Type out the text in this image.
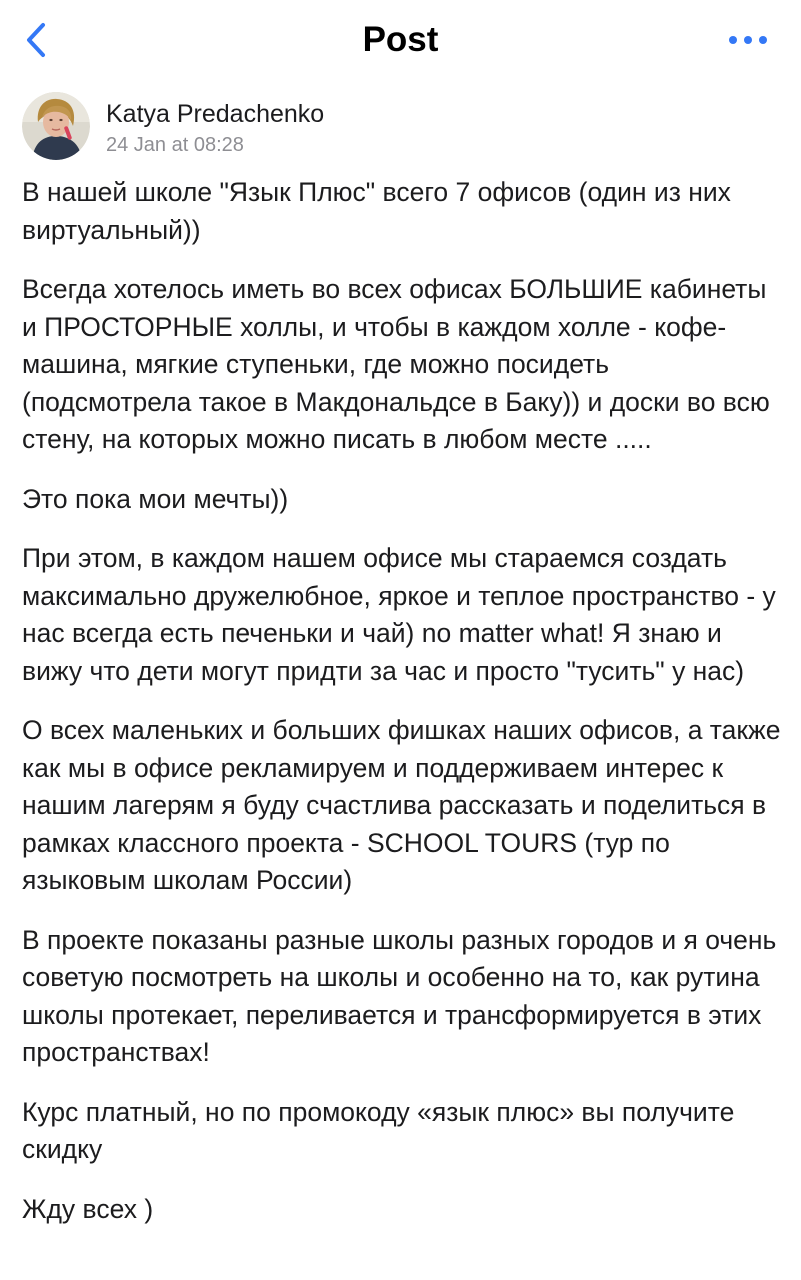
Post
Katya Predachenko
24 Jan at 08:28

В нашей школе "Язык Плюс" всего 7 офисов (один из них виртуальный))

Всегда хотелось иметь во всех офисах БОЛЬШИЕ кабинеты и ПРОСТОРНЫЕ холлы, и чтобы в каждом холле - кофе-машина, мягкие ступеньки, где можно посидеть (подсмотрела такое в Макдональдсе в Баку)) и доски во всю стену, на которых можно писать в любом месте .....

Это пока мои мечты))

При этом, в каждом нашем офисе мы стараемся создать максимально дружелюбное, яркое и теплое пространство - у нас всегда есть печеньки и чай) no matter what! Я знаю и вижу что дети могут придти за час и просто "тусить" у нас)

О всех маленьких и больших фишках наших офисов, а также как мы в офисе рекламируем и поддерживаем интерес к нашим лагерям я буду счастлива рассказать и поделиться в рамках классного проекта - SCHOOL TOURS (тур по языковым школам России)

В проекте показаны разные школы разных городов и я очень советую посмотреть на школы и особенно на то, как рутина школы протекает, переливается и трансформируется в этих пространствах!

Курс платный, но по промокоду «язык плюс» вы получите скидку

Жду всех )
